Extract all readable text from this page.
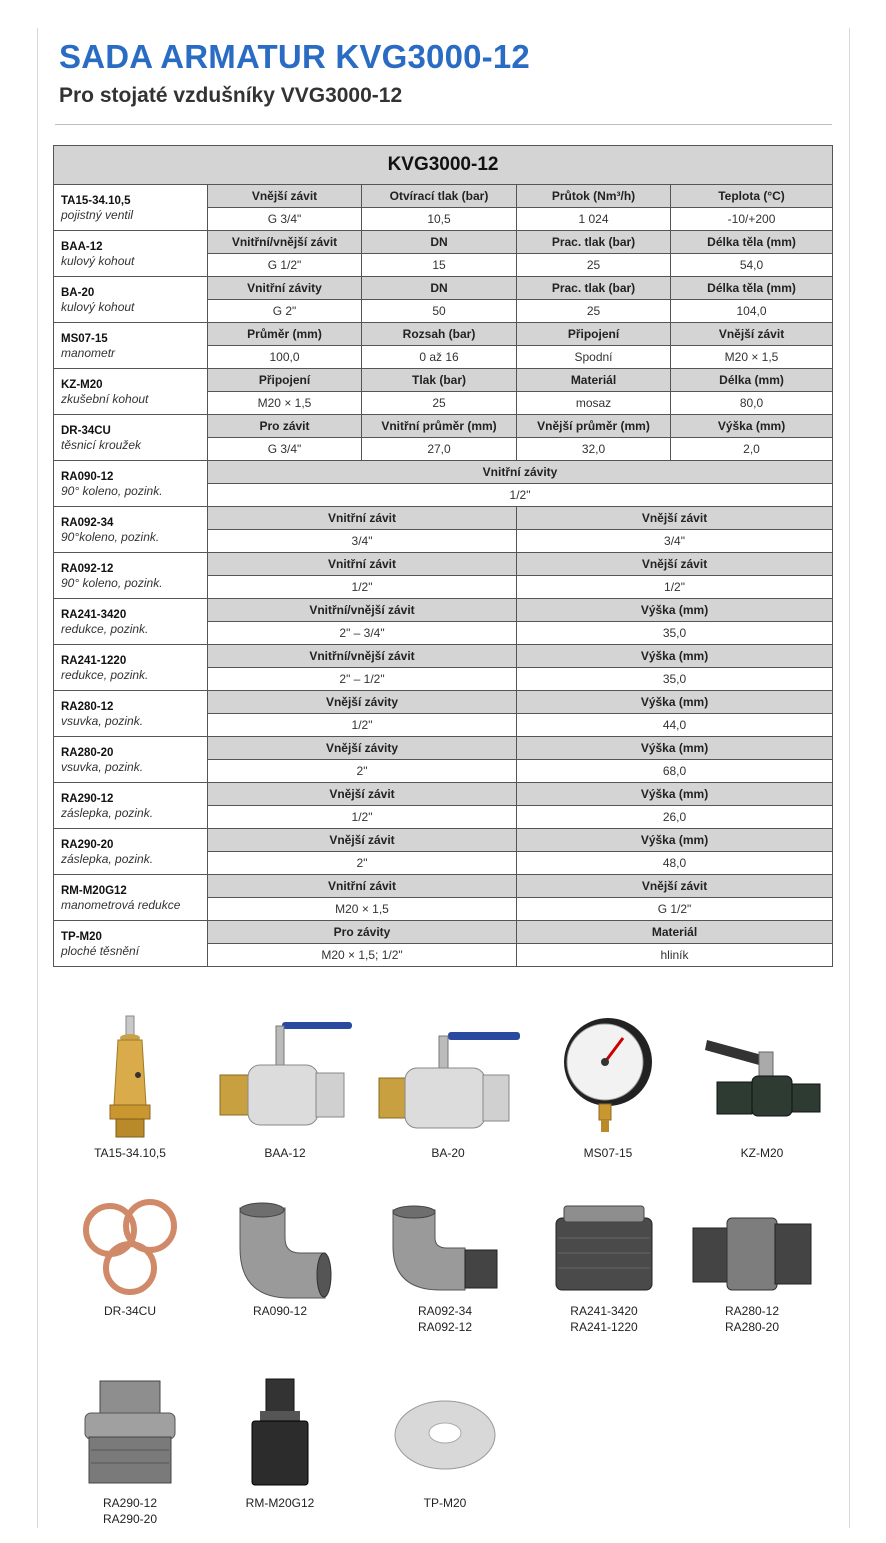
SADA ARMATUR KVG3000-12
Pro stojaté vzdušníky VVG3000-12
KVG3000-12				

TA15-34.10,5
pojistný ventil	Vnější závit	Otvírací tlak (bar)	Průtok (Nm³/h)	Teplota (°C)
	G 3/4"	10,5	1 024	-10/+200

BAA-12
kulový kohout	Vnitřní/vnější závit	DN	Prac. tlak (bar)	Délka těla (mm)
	G 1/2"	15	25	54,0

BA-20
kulový kohout	Vnitřní závity	DN	Prac. tlak (bar)	Délka těla (mm)
	G 2"	50	25	104,0

MS07-15
manometr	Průměr (mm)	Rozsah (bar)	Připojení	Vnější závit
	100,0	0 až 16	Spodní	M20 × 1,5

KZ-M20
zkušební kohout	Připojení	Tlak (bar)	Materiál	Délka (mm)
	M20 × 1,5	25	mosaz	80,0

DR-34CU
těsnicí kroužek	Pro závit	Vnitřní průměr (mm)	Vnější průměr (mm)	Výška (mm)
	G 3/4"	27,0	32,0	2,0

RA090-12
90° koleno, pozink.	Vnitřní závity			
	1/2"			

RA092-34
90°koleno, pozink.	Vnitřní závit		Vnější závit	
	3/4"		3/4"	

RA092-12
90° koleno, pozink.	Vnitřní závit		Vnější závit	
	1/2"		1/2"	

RA241-3420
redukce, pozink.	Vnitřní/vnější závit		Výška (mm)	
	2" – 3/4"		35,0	

RA241-1220
redukce, pozink.	Vnitřní/vnější závit		Výška (mm)	
	2" – 1/2"		35,0	

RA280-12
vsuvka, pozink.	Vnější závity		Výška (mm)	
	1/2"		44,0	

RA280-20
vsuvka, pozink.	Vnější závity		Výška (mm)	
	2"		68,0	

RA290-12
záslepka, pozink.	Vnější závit		Výška (mm)	
	1/2"		26,0	

RA290-20
záslepka, pozink.	Vnější závit		Výška (mm)	
	2"		48,0	

RM-M20G12
manometrová redukce	Vnitřní závit		Vnější závit	
	M20 × 1,5		G 1/2"	

TP-M20
ploché těsnění	Pro závity		Materiál	
	M20 × 1,5; 1/2"		hliník	
TA15-34.10,5	BAA-12	BA-20	MS07-15	KZ-M20
DR-34CU	RA090-12	RA092-34
RA092-12
RA241-3420
RA241-1220
RA280-12
RA280-20
RA290-12
RA290-20
RM-M20G12	TP-M20
